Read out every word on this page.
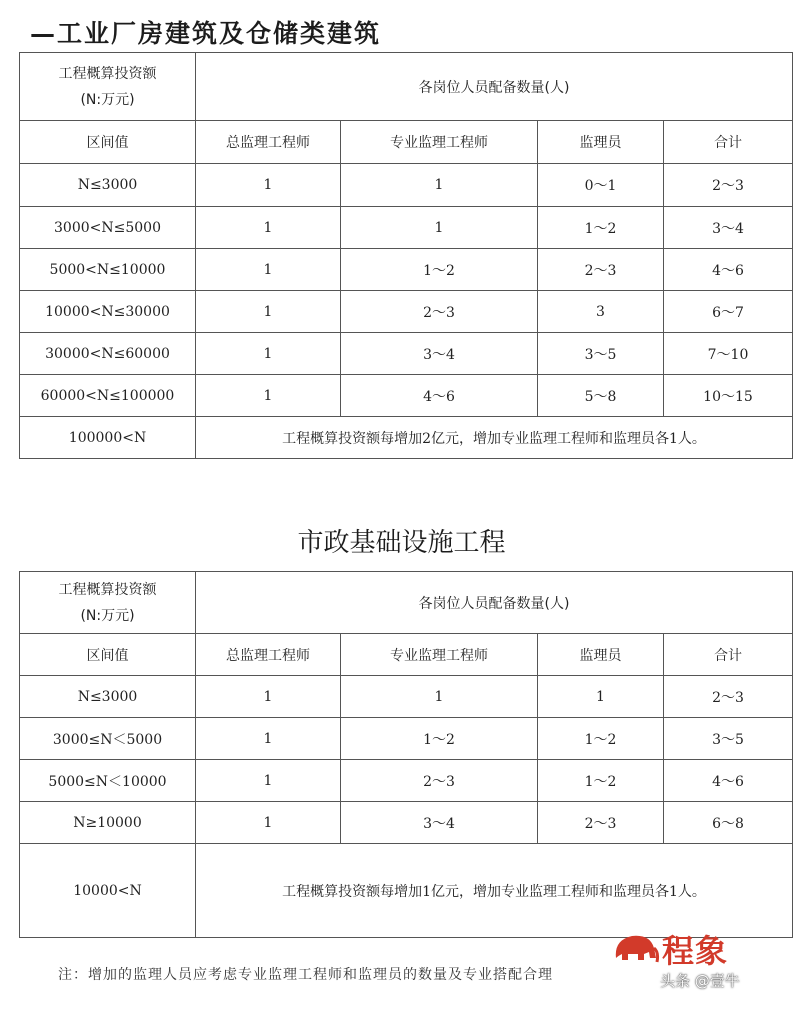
—工业厂房建筑及仓储类建筑
工程概算投资额
(N:万元)	各岗位人员配备数量(人)			
区间值	总监理工程师	专业监理工程师	监理员	合计
N≤3000	1	1	0～1	2～3
3000<N≤5000	1	1	1～2	3～4
5000<N≤10000	1	1～2	2～3	4～6
10000<N≤30000	1	2～3	3	6～7
30000<N≤60000	1	3～4	3～5	7～10
60000<N≤100000	1	4～6	5～8	10～15
100000<N	工程概算投资额每增加2亿元，增加专业监理工程师和监理员各1人。			
市政基础设施工程
工程概算投资额
(N:万元)	各岗位人员配备数量(人)			
区间值	总监理工程师	专业监理工程师	监理员	合计
N≤3000	1	1	1	2～3
3000≤N＜5000	1	1～2	1～2	3～5
5000≤N＜10000	1	2～3	1～2	4～6
N≥10000	1	3～4	2～3	6～8
10000<N	工程概算投资额每增加1亿元，增加专业监理工程师和监理员各1人。			
注：增加的监理人员应考虑专业监理工程师和监理员的数量及专业搭配合理
程象
头条 @壹牛
